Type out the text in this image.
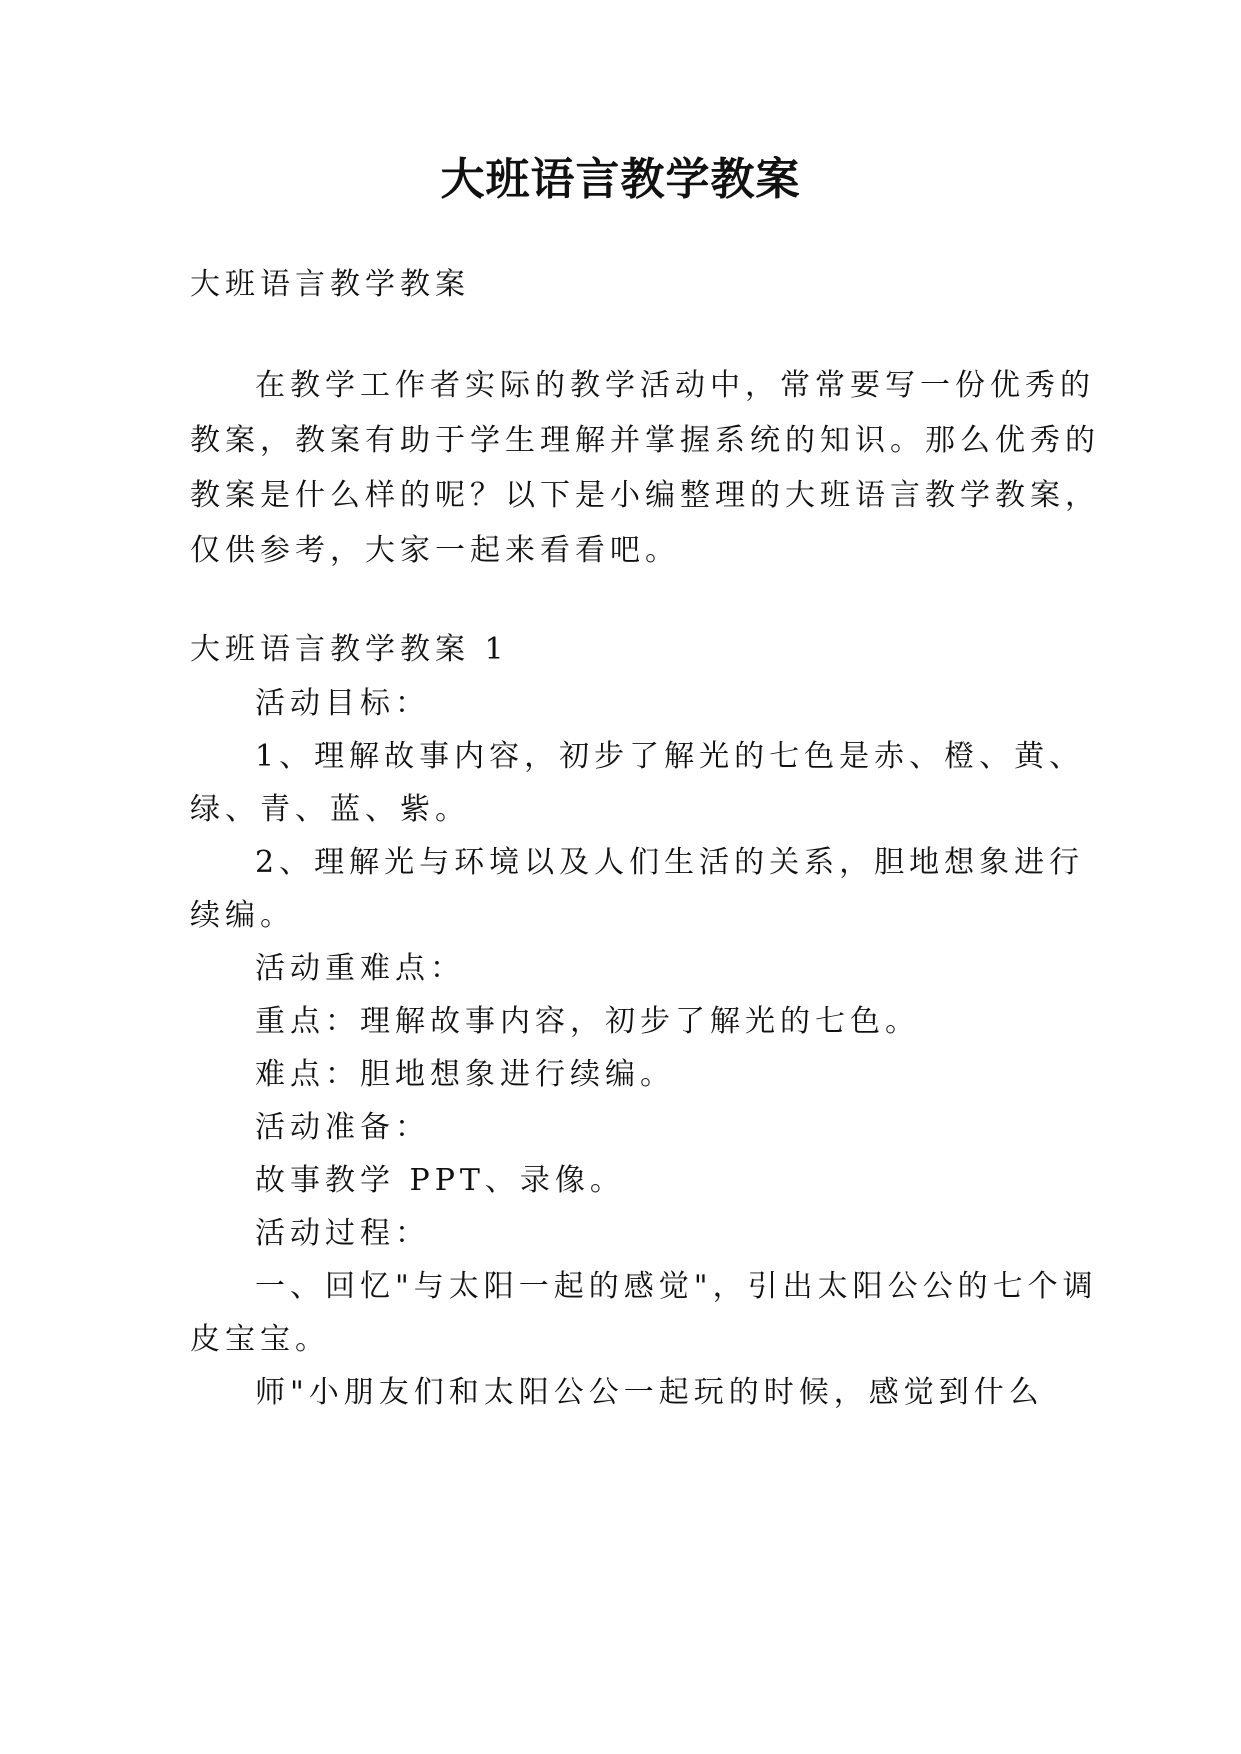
大班语言教学教案

大班语言教学教案

在教学工作者实际的教学活动中，常常要写一份优秀的

教案，教案有助于学生理解并掌握系统的知识。那么优秀的

教案是什么样的呢？以下是小编整理的大班语言教学教案，

仅供参考，大家一起来看看吧。

大班语言教学教案 1

活动目标：

1、理解故事内容，初步了解光的七色是赤、橙、黄、

绿、青、蓝、紫。

2、理解光与环境以及人们生活的关系，胆地想象进行

续编。

活动重难点：

重点：理解故事内容，初步了解光的七色。

难点：胆地想象进行续编。

活动准备：

故事教学 PPT、录像。

活动过程：

一、回忆"与太阳一起的感觉"，引出太阳公公的七个调

皮宝宝。

师"小朋友们和太阳公公一起玩的时候，感觉到什么
